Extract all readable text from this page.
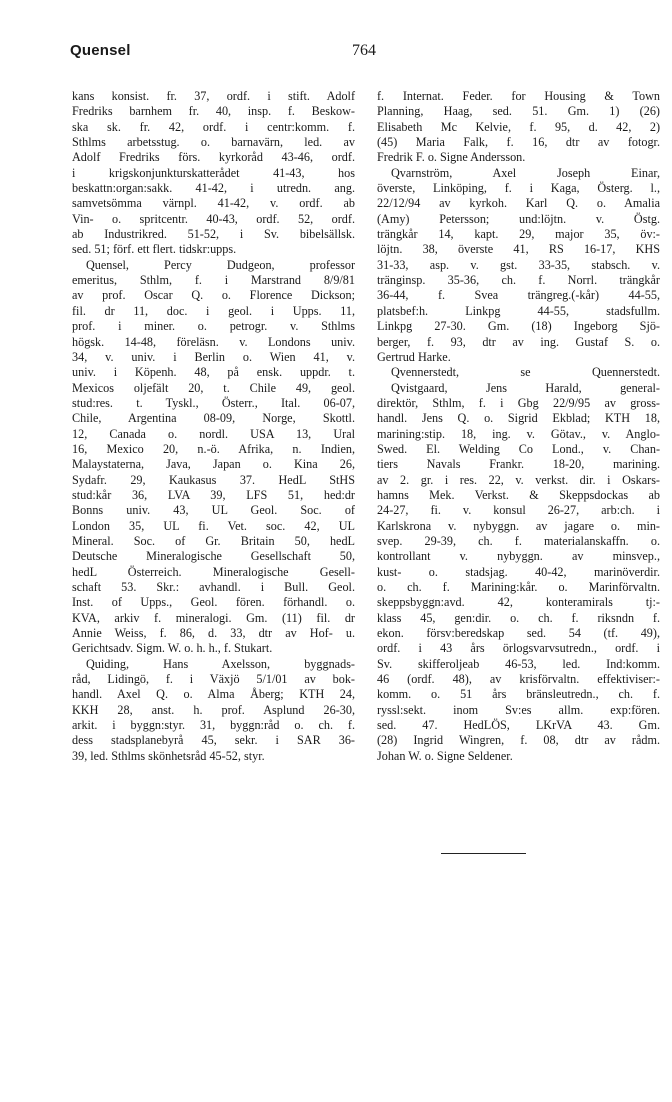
Quensel	764
kans konsist. fr. 37, ordf. i stift. Adolf
Fredriks barnhem fr. 40, insp. f. Beskow-
ska sk. fr. 42, ordf. i centr:komm. f.
Sthlms arbetsstug. o. barnavärn, led. av
Adolf Fredriks förs. kyrkoråd 43-46, ordf.
i krigskonjunkturskatterådet 41-43, hos
beskattn:organ:sakk. 41-42, i utredn. ang.
samvetsömma värnpl. 41-42, v. ordf. ab
Vin- o. spritcentr. 40-43, ordf. 52, ordf.
ab Industrikred. 51-52, i Sv. bibelsällsk.
sed. 51; förf. ett flert. tidskr:upps.
Quensel, Percy Dudgeon, professor
emeritus, Sthlm, f. i Marstrand 8/9/81
av prof. Oscar Q. o. Florence Dickson;
fil. dr 11, doc. i geol. i Upps. 11,
prof. i miner. o. petrogr. v. Sthlms
högsk. 14-48, föreläsn. v. Londons univ.
34, v. univ. i Berlin o. Wien 41, v.
univ. i Köpenh. 48, på ensk. uppdr. t.
Mexicos oljefält 20, t. Chile 49, geol.
stud:res. t. Tyskl., Österr., Ital. 06-07,
Chile, Argentina 08-09, Norge, Skottl.
12, Canada o. nordl. USA 13, Ural
16, Mexico 20, n.-ö. Afrika, n. Indien,
Malaystaterna, Java, Japan o. Kina 26,
Sydafr. 29, Kaukasus 37. HedL StHS
stud:kår 36, LVA 39, LFS 51, hed:dr
Bonns univ. 43, UL Geol. Soc. of
London 35, UL fi. Vet. soc. 42, UL
Mineral. Soc. of Gr. Britain 50, hedL
Deutsche Mineralogische Gesellschaft 50,
hedL Österreich. Mineralogische Gesell-
schaft 53. Skr.: avhandl. i Bull. Geol.
Inst. of Upps., Geol. fören. förhandl. o.
KVA, arkiv f. mineralogi. Gm. (11) fil. dr
Annie Weiss, f. 86, d. 33, dtr av Hof- u.
Gerichtsadv. Sigm. W. o. h. h., f. Stukart.
Quiding, Hans Axelsson, byggnads-
råd, Lidingö, f. i Växjö 5/1/01 av bok-
handl. Axel Q. o. Alma Åberg; KTH 24,
KKH 28, anst. h. prof. Asplund 26-30,
arkit. i byggn:styr. 31, byggn:råd o. ch. f.
dess stadsplanebyrå 45, sekr. i SAR 36-
39, led. Sthlms skönhetsråd 45-52, styr.
f. Internat. Feder. for Housing & Town
Planning, Haag, sed. 51. Gm. 1) (26)
Elisabeth Mc Kelvie, f. 95, d. 42, 2)
(45) Maria Falk, f. 16, dtr av fotogr.
Fredrik F. o. Signe Andersson.
Qvarnström, Axel Joseph Einar,
överste, Linköping, f. i Kaga, Österg. l.,
22/12/94 av kyrkoh. Karl Q. o. Amalia
(Amy) Petersson; und:löjtn. v. Östg.
trängkår 14, kapt. 29, major 35, öv:-
löjtn. 38, överste 41, RS 16-17, KHS
31-33, asp. v. gst. 33-35, stabsch. v.
tränginsp. 35-36, ch. f. Norrl. trängkår
36-44, f. Svea trängreg.(-kår) 44-55,
platsbef:h. Linkpg 44-55, stadsfullm.
Linkpg 27-30. Gm. (18) Ingeborg Sjö-
berger, f. 93, dtr av ing. Gustaf S. o.
Gertrud Harke.
Qvennerstedt, se Quennerstedt.
Qvistgaard, Jens Harald, general-
direktör, Sthlm, f. i Gbg 22/9/95 av gross-
handl. Jens Q. o. Sigrid Ekblad; KTH 18,
marining:stip. 18, ing. v. Götav., v. Anglo-
Swed. El. Welding Co Lond., v. Chan-
tiers Navals Frankr. 18-20, marining.
av 2. gr. i res. 22, v. verkst. dir. i Oskars-
hamns Mek. Verkst. & Skeppsdockas ab
24-27, fi. v. konsul 26-27, arb:ch. i
Karlskrona v. nybyggn. av jagare o. min-
svep. 29-39, ch. f. materialanskaffn. o.
kontrollant v. nybyggn. av minsvep.,
kust- o. stadsjag. 40-42, marinöverdir.
o. ch. f. Marining:kår. o. Marinförvaltn.
skeppsbyggn:avd. 42, konteramirals tj:-
klass 45, gen:dir. o. ch. f. riksndn f.
ekon. försv:beredskap sed. 54 (tf. 49),
ordf. i 43 års örlogsvarvsutredn., ordf. i
Sv. skifferoljeab 46-53, led. Ind:komm.
46 (ordf. 48), av krisförvaltn. effektiviser:-
komm. o. 51 års bränsleutredn., ch. f.
ryssl:sekt. inom Sv:es allm. exp:fören.
sed. 47. HedLÖS, LKrVA 43. Gm.
(28) Ingrid Wingren, f. 08, dtr av rådm.
Johan W. o. Signe Seldener.
